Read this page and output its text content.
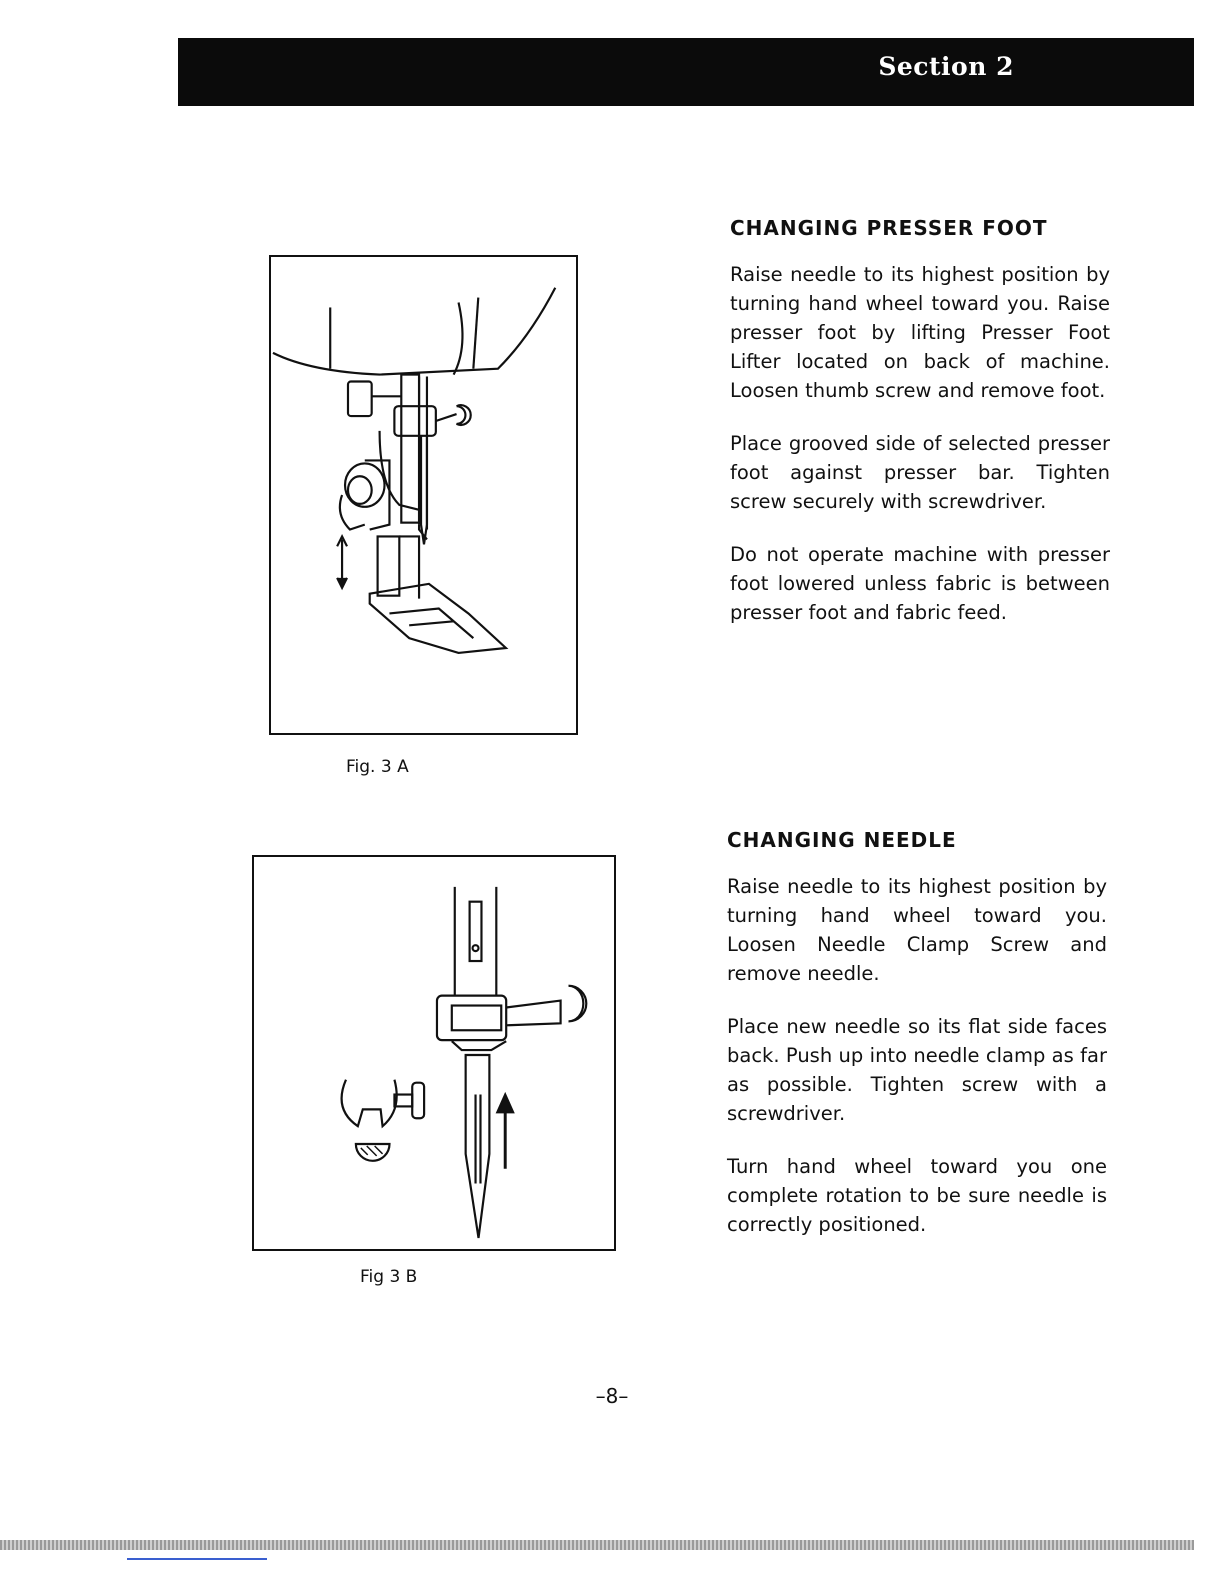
Section 2
Fig. 3 A
CHANGING PRESSER FOOT

Raise needle to its highest position by turning hand wheel toward you. Raise presser foot by lifting Presser Foot Lifter located on back of machine. Loosen thumb screw and remove foot.

Place grooved side of selected presser foot against presser bar. Tighten screw securely with screwdriver.

Do not operate machine with presser foot lowered unless fabric is between presser foot and fabric feed.

Fig 3 B
CHANGING NEEDLE

Raise needle to its highest position by turning hand wheel toward you. Loosen Needle Clamp Screw and remove needle.

Place new needle so its flat side faces back. Push up into needle clamp as far as possible. Tighten screw with a screwdriver.

Turn hand wheel toward you one complete rotation to be sure needle is correctly positioned.

–8–
